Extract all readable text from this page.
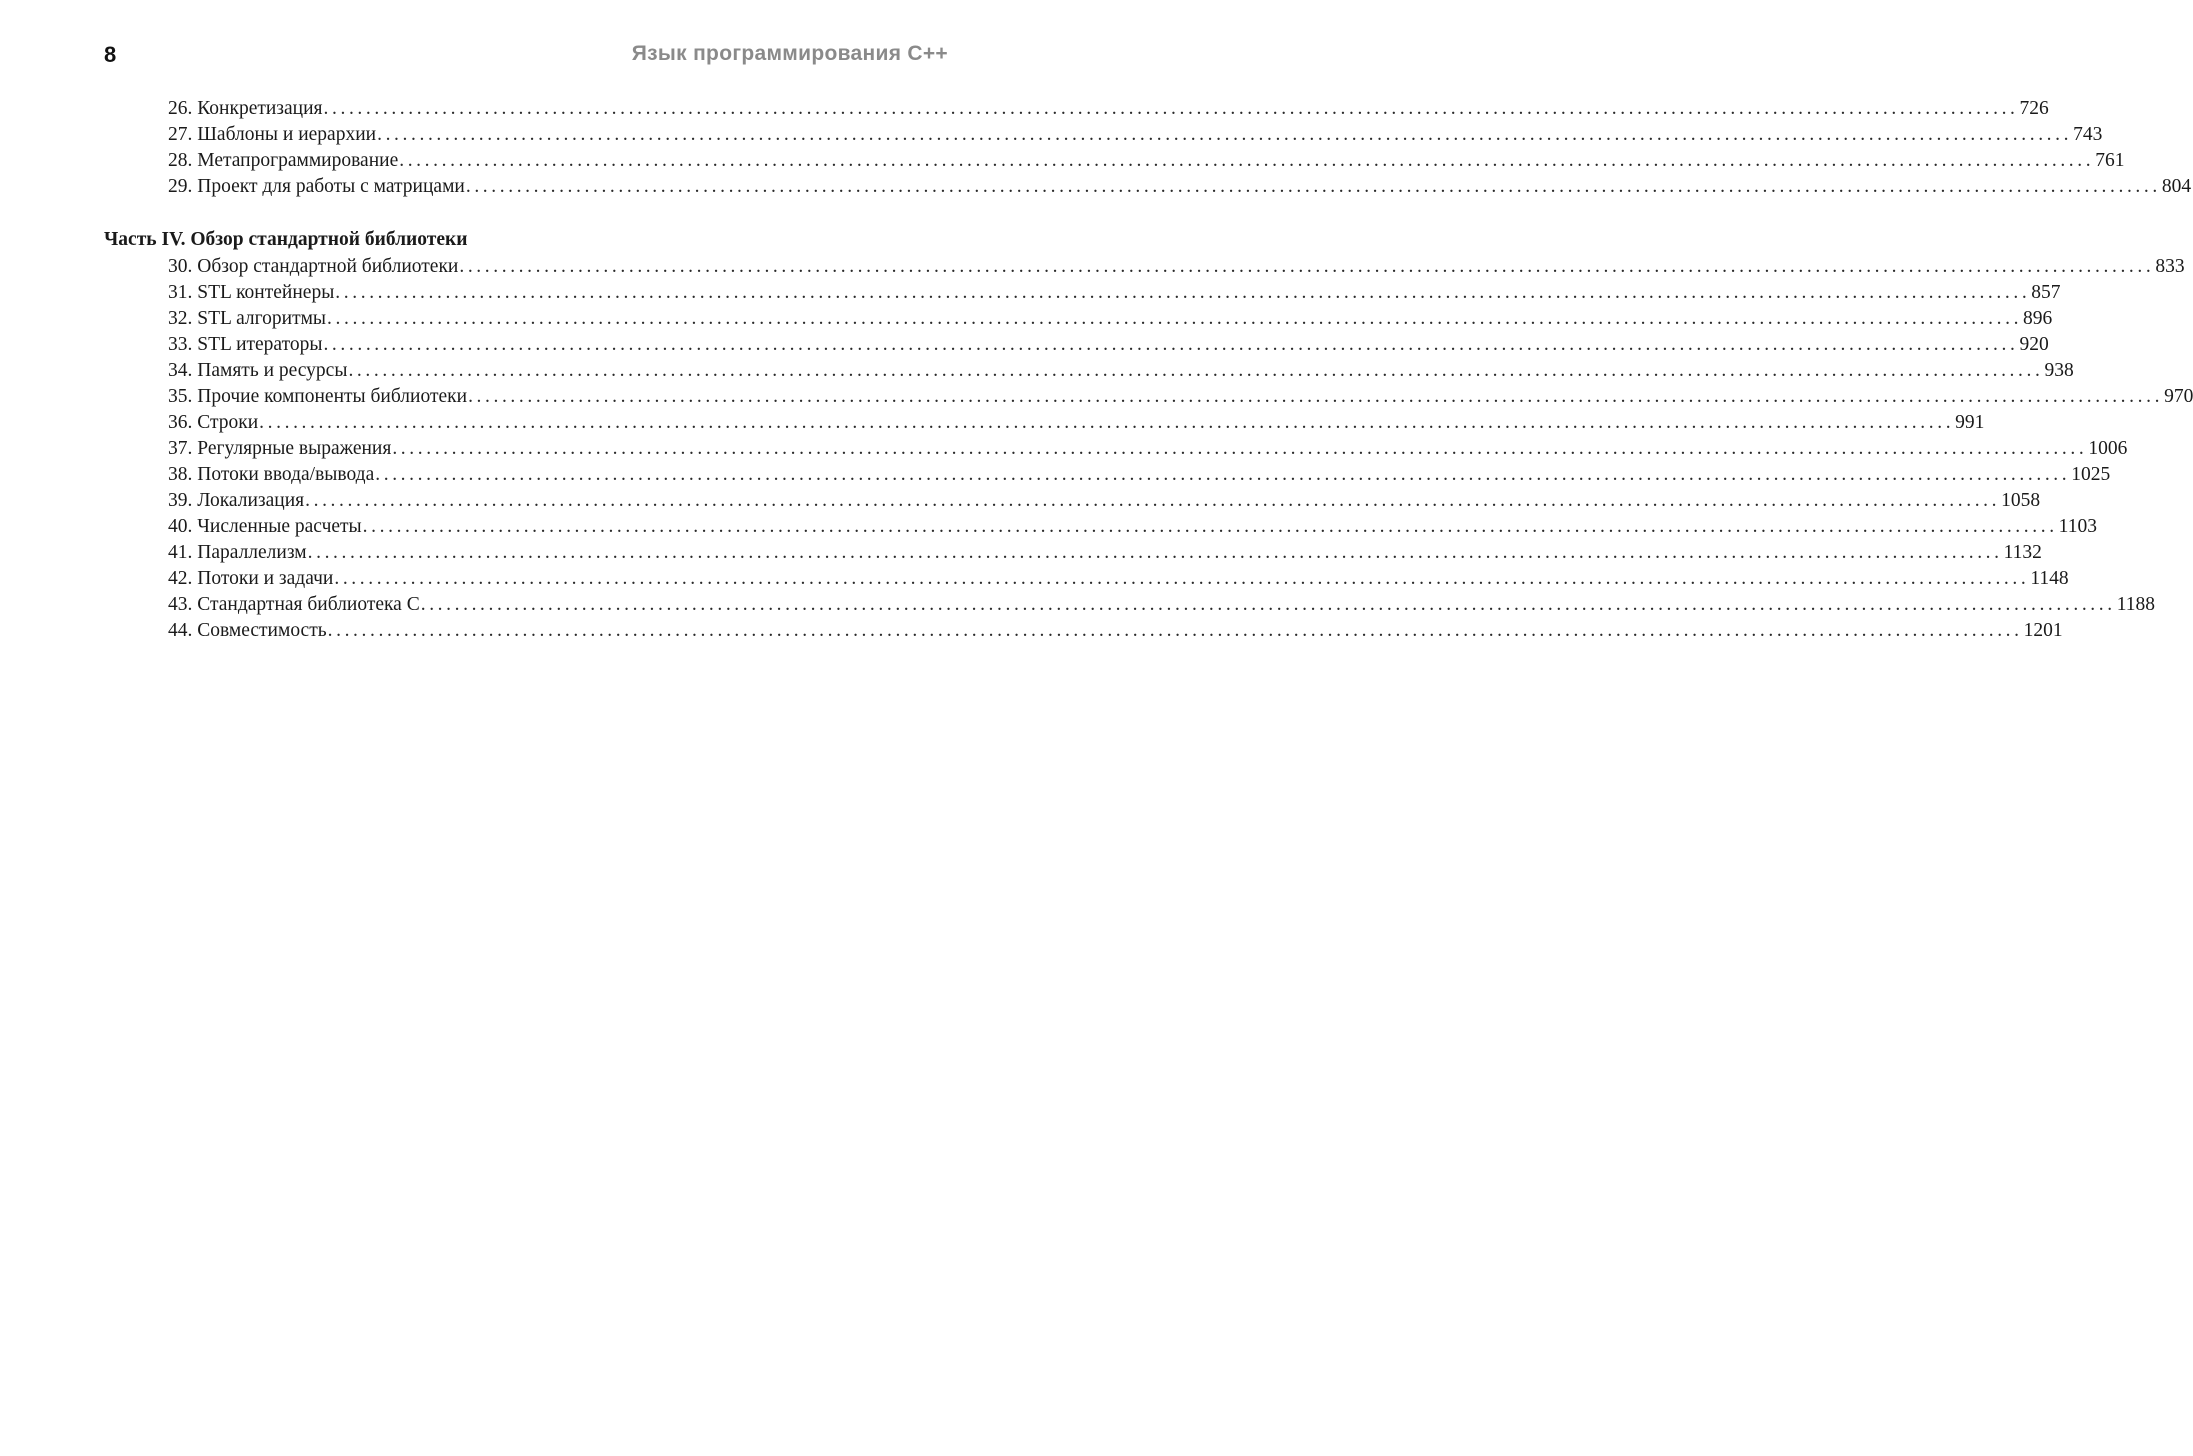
8	Язык программирования С++
26. Конкретизация ........................................................................................................................................................................................................ 726
27. Шаблоны и иерархии ........................................................................................................................................................................................................ 743
28. Метапрограммирование ........................................................................................................................................................................................................ 761
29. Проект для работы с матрицами ........................................................................................................................................................................................................ 804
Часть IV. Обзор стандартной библиотеки
30. Обзор стандартной библиотеки ........................................................................................................................................................................................................ 833
31. STL контейнеры ........................................................................................................................................................................................................ 857
32. STL алгоритмы ........................................................................................................................................................................................................ 896
33. STL итераторы ........................................................................................................................................................................................................ 920
34. Память и ресурсы ........................................................................................................................................................................................................ 938
35. Прочие компоненты библиотеки ........................................................................................................................................................................................................ 970
36. Строки ........................................................................................................................................................................................................ 991
37. Регулярные выражения ........................................................................................................................................................................................................ 1006
38. Потоки ввода/вывода ........................................................................................................................................................................................................ 1025
39. Локализация ........................................................................................................................................................................................................ 1058
40. Численные расчеты ........................................................................................................................................................................................................ 1103
41. Параллелизм ........................................................................................................................................................................................................ 1132
42. Потоки и задачи ........................................................................................................................................................................................................ 1148
43. Стандартная библиотека С ........................................................................................................................................................................................................ 1188
44. Совместимость ........................................................................................................................................................................................................ 1201
